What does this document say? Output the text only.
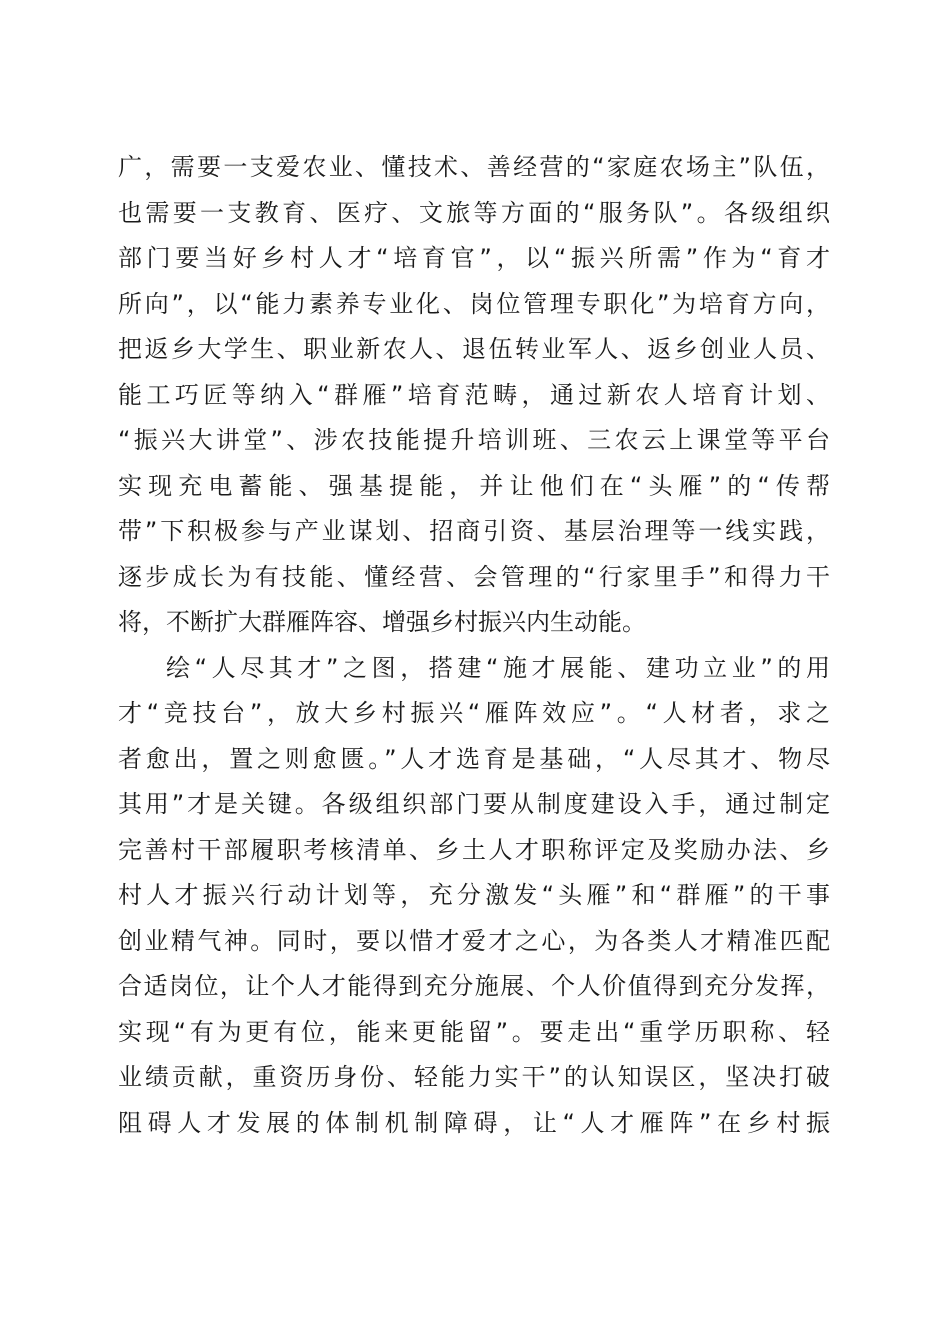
广，需要一支爱农业、懂技术、善经营的“家庭农场主”队伍，
也需要一支教育、医疗、文旅等方面的“服务队”。各级组织
部门要当好乡村人才“培育官”，以“振兴所需”作为“育才
所向”，以“能力素养专业化、岗位管理专职化”为培育方向，
把返乡大学生、职业新农人、退伍转业军人、返乡创业人员、
能工巧匠等纳入“群雁”培育范畴，通过新农人培育计划、
“振兴大讲堂”、涉农技能提升培训班、三农云上课堂等平台
实现充电蓄能、强基提能，并让他们在“头雁”的“传帮
带”下积极参与产业谋划、招商引资、基层治理等一线实践，
逐步成长为有技能、懂经营、会管理的“行家里手”和得力干
将，不断扩大群雁阵容、增强乡村振兴内生动能。
绘“人尽其才”之图，搭建“施才展能、建功立业”的用
才“竞技台”，放大乡村振兴“雁阵效应”。“人材者，求之
者愈出，置之则愈匮。”人才选育是基础，“人尽其才、物尽
其用”才是关键。各级组织部门要从制度建设入手，通过制定
完善村干部履职考核清单、乡土人才职称评定及奖励办法、乡
村人才振兴行动计划等，充分激发“头雁”和“群雁”的干事
创业精气神。同时，要以惜才爱才之心，为各类人才精准匹配
合适岗位，让个人才能得到充分施展、个人价值得到充分发挥，
实现“有为更有位，能来更能留”。要走出“重学历职称、轻
业绩贡献，重资历身份、轻能力实干”的认知误区，坚决打破
阻碍人才发展的体制机制障碍，让“人才雁阵”在乡村振
